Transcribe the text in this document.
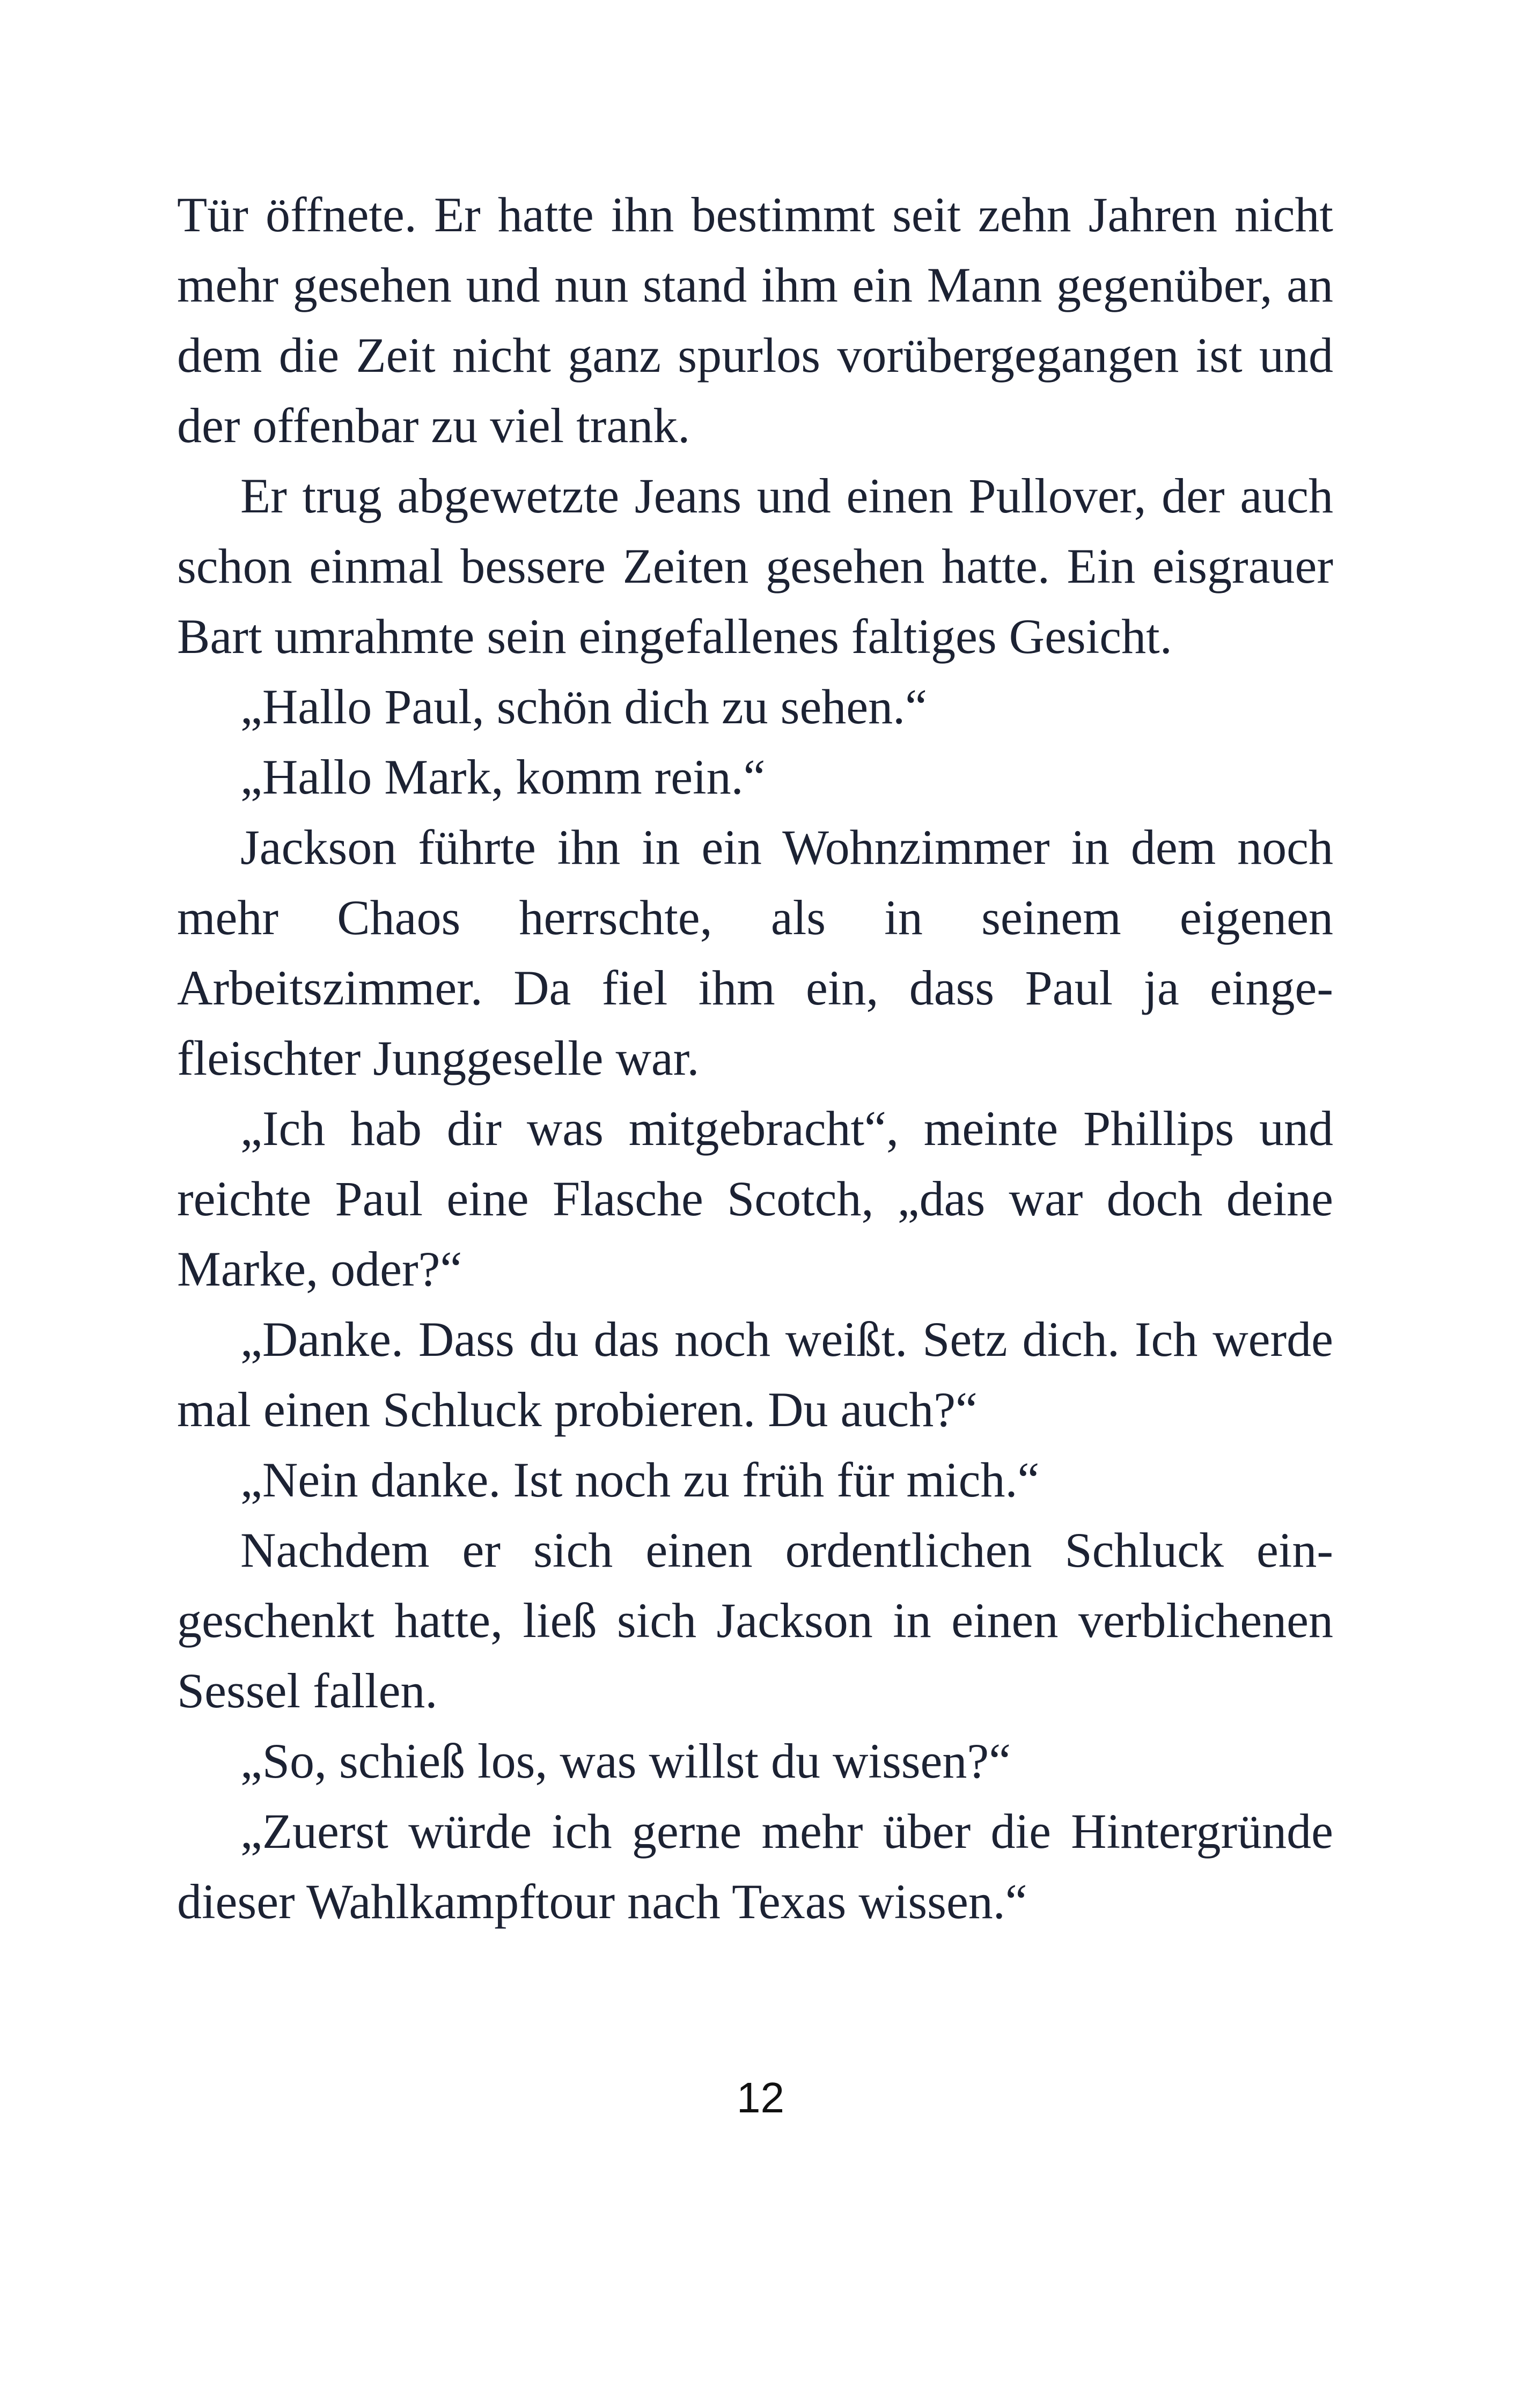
Tür öffnete. Er hatte ihn bestimmt seit zehn Jahren nicht mehr gesehen und nun stand ihm ein Mann gegenüber, an dem die Zeit nicht ganz spurlos vorübergegangen ist und der offenbar zu viel trank.

Er trug abgewetzte Jeans und einen Pullover, der auch schon einmal bessere Zeiten gesehen hatte. Ein eisgrauer Bart umrahmte sein eingefallenes faltiges Gesicht.

„Hallo Paul, schön dich zu sehen.“

„Hallo Mark, komm rein.“

Jackson führte ihn in ein Wohnzimmer in dem noch mehr Chaos herrschte, als in seinem eigenen Arbeitszimmer. Da fiel ihm ein, dass Paul ja eingefleischter Junggeselle war.

„Ich hab dir was mitgebracht“, meinte Phillips und reichte Paul eine Flasche Scotch, „das war doch deine Marke, oder?“

„Danke. Dass du das noch weißt. Setz dich. Ich werde mal einen Schluck probieren. Du auch?“

„Nein danke. Ist noch zu früh für mich.“

Nachdem er sich einen ordentlichen Schluck eingeschenkt hatte, ließ sich Jackson in einen verblichenen Sessel fallen.

„So, schieß los, was willst du wissen?“

„Zuerst würde ich gerne mehr über die Hintergründe dieser Wahlkampftour nach Texas wissen.“

12
